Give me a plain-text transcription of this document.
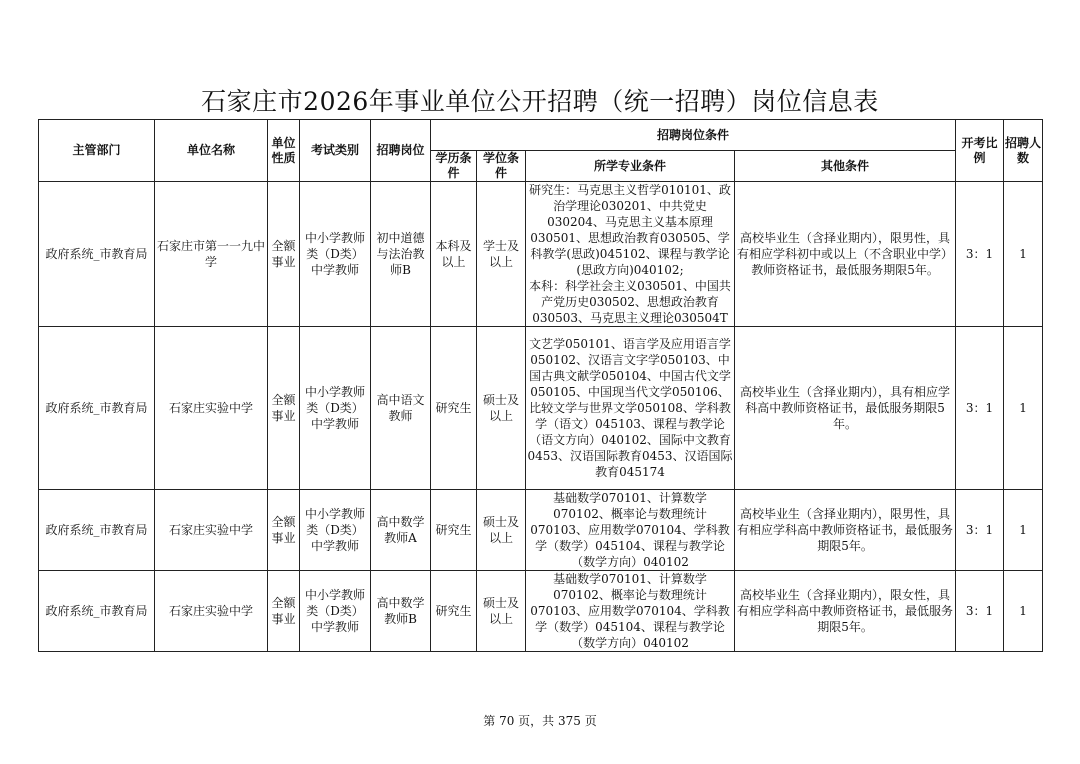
石家庄市2026年事业单位公开招聘（统一招聘）岗位信息表
主管部门	单位名称	单位性质	考试类别	招聘岗位	招聘岗位条件				开考比例	招聘人数
					学历条件	学位条件	所学专业条件	其他条件		
政府系统_市教育局	石家庄市第一一九中学	全额事业	中小学教师类（D类）中学教师	初中道德与法治教师B	本科及以上	学士及以上	研究生：马克思主义哲学010101、政治学理论030201、中共党史030204、马克思主义基本原理030501、思想政治教育030505、学科教学(思政)045102、课程与教学论(思政方向)040102;
本科：科学社会主义030501、中国共产党历史030502、思想政治教育030503、马克思主义理论030504T	高校毕业生（含择业期内），限男性，具有相应学科初中或以上（不含职业中学）教师资格证书，最低服务期限5年。	3：1	1
政府系统_市教育局	石家庄实验中学	全额事业	中小学教师类（D类）中学教师	高中语文教师	研究生	硕士及以上	文艺学050101、语言学及应用语言学050102、汉语言文字学050103、中国古典文献学050104、中国古代文学050105、中国现当代文学050106、比较文学与世界文学050108、学科教学（语文）045103、课程与教学论（语文方向）040102、国际中文教育0453、汉语国际教育0453、汉语国际教育045174	高校毕业生（含择业期内），具有相应学科高中教师资格证书，最低服务期限5年。	3：1	1
政府系统_市教育局	石家庄实验中学	全额事业	中小学教师类（D类）中学教师	高中数学教师A	研究生	硕士及以上	基础数学070101、计算数学070102、概率论与数理统计070103、应用数学070104、学科教学（数学）045104、课程与教学论（数学方向）040102	高校毕业生（含择业期内），限男性，具有相应学科高中教师资格证书，最低服务期限5年。	3：1	1
政府系统_市教育局	石家庄实验中学	全额事业	中小学教师类（D类）中学教师	高中数学教师B	研究生	硕士及以上	基础数学070101、计算数学070102、概率论与数理统计070103、应用数学070104、学科教学（数学）045104、课程与教学论（数学方向）040102	高校毕业生（含择业期内），限女性，具有相应学科高中教师资格证书，最低服务期限5年。	3：1	1
第 70 页，共 375 页
